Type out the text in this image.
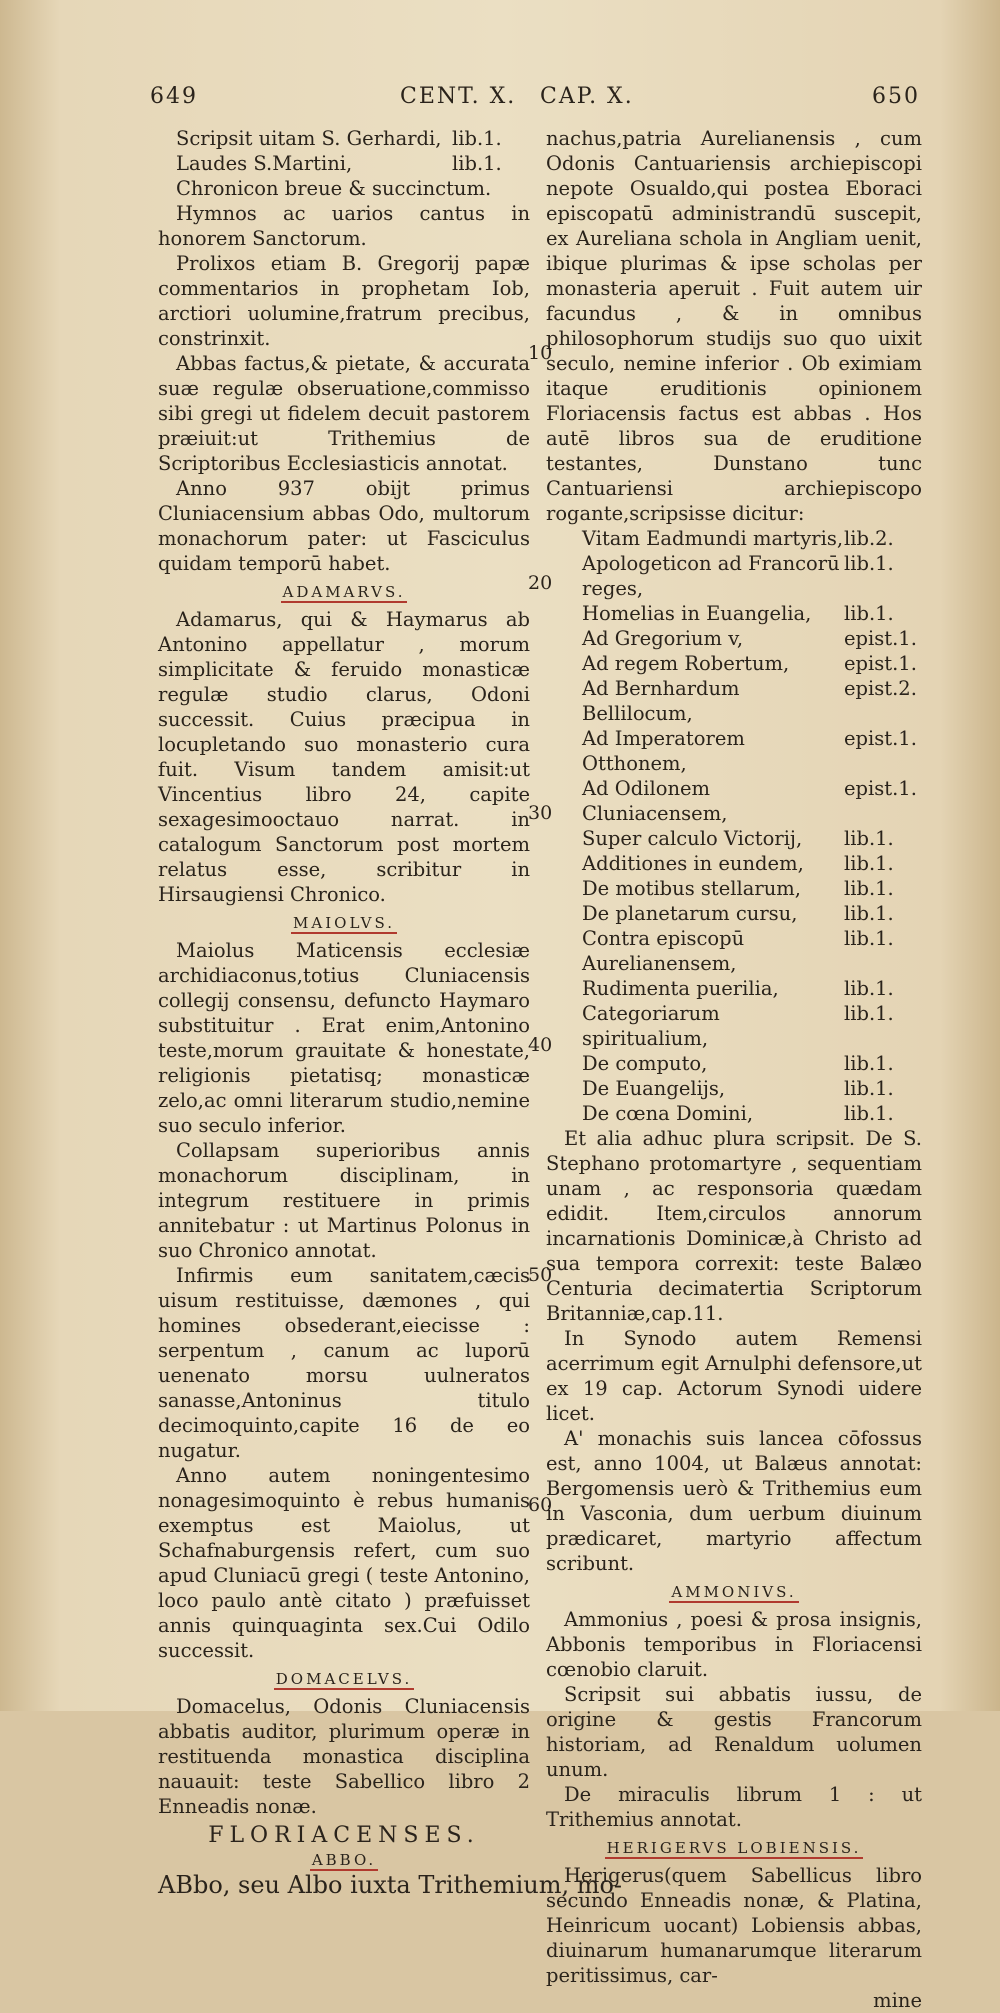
649	CENT. X. CAP. X.	650
Scripsit uitam S. Gerhardi, lib.1.
Laudes S.Martini,	lib.1.

Chronicon breue & succinctum.

Hymnos ac uarios cantus in honorem Sanctorum.

Prolixos etiam B. Gregorij papæ commentarios in prophetam Iob, arctiori uolumine,fratrum precibus, constrinxit.

Abbas factus,& pietate, & accurata suæ regulæ obseruatione,commisso sibi gregi ut fidelem decuit pastorem præiuit:ut Trithemius de Scriptoribus Ecclesiasticis annotat.

Anno 937 obijt primus Cluniacensium abbas Odo, multorum monachorum pater: ut Fasciculus quidam temporū habet.

ADAMARVS.

Adamarus, qui & Haymarus ab Antonino appellatur , morum simplicitate & feruido monasticæ regulæ studio clarus, Odoni successit. Cuius præcipua in locupletando suo monasterio cura fuit. Visum tandem amisit:ut Vincentius libro 24, capite sexagesimooctauo narrat. in catalogum Sanctorum post mortem relatus esse, scribitur in Hirsaugiensi Chronico.

MAIOLVS.

Maiolus Maticensis ecclesiæ archidiaconus,totius Cluniacensis collegij consensu, defuncto Haymaro substituitur . Erat enim,Antonino teste,morum grauitate & honestate, religionis pietatisq; monasticæ zelo,ac omni literarum studio,nemine suo seculo inferior.

Collapsam superioribus annis monachorum disciplinam, in integrum restituere in primis annitebatur : ut Martinus Polonus in suo Chronico annotat.

Infirmis eum sanitatem,cæcis uisum restituisse, dæmones , qui homines obsederant,eiecisse : serpentum , canum ac luporū uenenato morsu uulneratos sanasse,Antoninus titulo decimoquinto,capite 16 de eo nugatur.

Anno autem noningentesimo nonagesimoquinto è rebus humanis exemptus est Maiolus, ut Schafnaburgensis refert, cum suo apud Cluniacū gregi ( teste Antonino, loco paulo antè citato ) præfuisset annis quinquaginta sex.Cui Odilo successit.

DOMACELVS.

Domacelus, Odonis Cluniacensis abbatis auditor, plurimum operæ in restituenda monastica disciplina nauauit: teste Sabellico libro 2 Enneadis nonæ.

FLORIACENSES.
ABBO.
ABbo, seu Albo iuxta Trithemium, mo-

nachus,patria Aurelianensis , cum Odonis Cantuariensis archiepiscopi nepote Osualdo,qui postea Eboraci episcopatū administrandū suscepit, ex Aureliana schola in Angliam uenit, ibique plurimas & ipse scholas per monasteria aperuit . Fuit autem uir facundus , & in omnibus philosophorum studijs suo quo uixit seculo, nemine inferior . Ob eximiam itaque eruditionis opinionem Floriacensis factus est abbas . Hos autē libros sua de eruditione testantes, Dunstano tunc Cantuariensi archiepiscopo rogante,scripsisse dicitur:

Vitam Eadmundi martyris, lib.2.
Apologeticon ad Francorū reges,
lib.1.
Homelias in Euangelia, lib.1.
Ad Gregorium v,	epist.1.
Ad regem Robertum,	epist.1.
Ad Bernhardum Bellilocum,
epist.2.
Ad Imperatorem Otthonem,
epist.1.
Ad Odilonem Cluniacensem,
epist.1.
Super calculo Victorij, lib.1.
Additiones in eundem, lib.1.
De motibus stellarum, lib.1.
De planetarum cursu, lib.1.
Contra episcopū Aurelianensem,
lib.1.
Rudimenta puerilia,	lib.1.
Categoriarum spiritualium,
lib.1.
De computo,	lib.1.
De Euangelijs,	lib.1.
De cœna Domini,	lib.1.

Et alia adhuc plura scripsit. De S. Stephano protomartyre , sequentiam unam , ac responsoria quædam edidit. Item,circulos annorum incarnationis Dominicæ,à Christo ad sua tempora correxit: teste Balæo Centuria decimatertia Scriptorum Britanniæ,cap.11.

In Synodo autem Remensi acerrimum egit Arnulphi defensore,ut ex 19 cap. Actorum Synodi uidere licet.

A' monachis suis lancea cōfossus est, anno 1004, ut Balæus annotat: Bergomensis uerò & Trithemius eum in Vasconia, dum uerbum diuinum prædicaret, martyrio affectum scribunt.

AMMONIVS.

Ammonius , poesi & prosa insignis, Abbonis temporibus in Floriacensi cœnobio claruit.

Scripsit sui abbatis iussu, de origine & gestis Francorum historiam, ad Renaldum uolumen unum.

De miraculis librum 1 : ut Trithemius annotat.

HERIGERVS LOBIENSIS.

Herigerus(quem Sabellicus libro secundo Enneadis nonæ, & Platina, Heinricum uocant) Lobiensis abbas, diuinarum humanarumque literarum peritissimus, car-

mine
10
20
30
40
50
60
